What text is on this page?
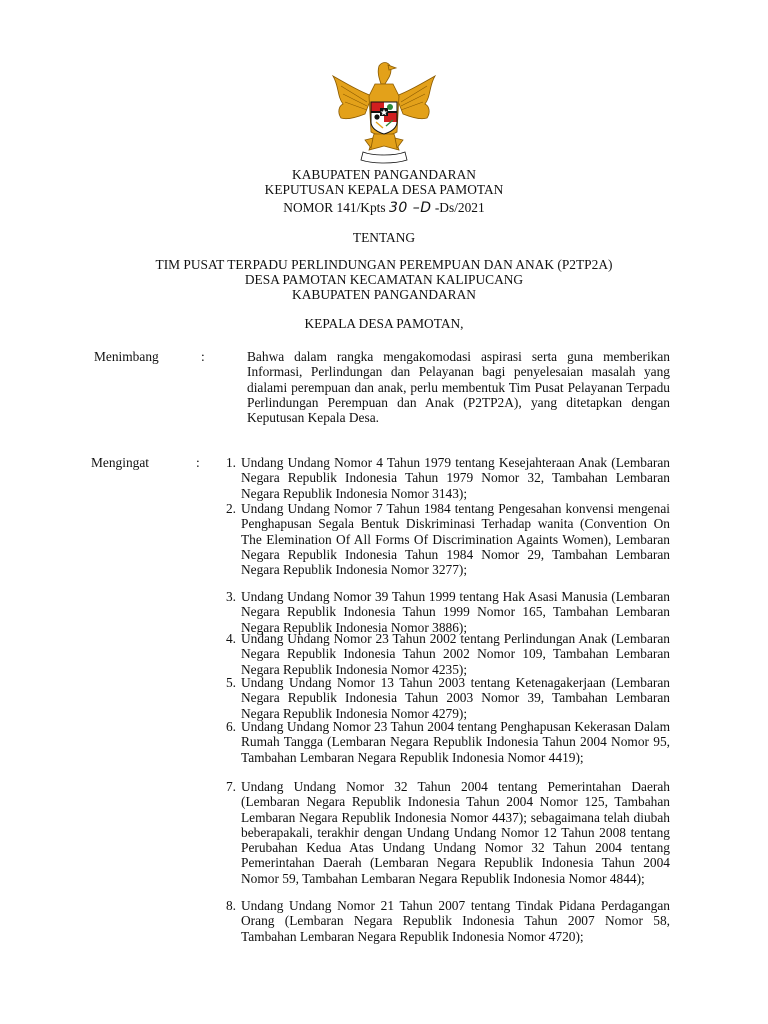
KABUPATEN PANGANDARAN
KEPUTUSAN KEPALA DESA PAMOTAN
NOMOR 141/Kpts 30 –D -Ds/2021
TENTANG
TIM PUSAT TERPADU PERLINDUNGAN PEREMPUAN DAN ANAK (P2TP2A)
DESA PAMOTAN KECAMATAN KALIPUCANG
KABUPATEN PANGANDARAN
KEPALA DESA PAMOTAN,
Menimbang	:	Bahwa dalam rangka mengakomodasi aspirasi serta guna memberikan Informasi, Perlindungan dan Pelayanan bagi penyelesaian masalah yang dialami perempuan dan anak, perlu membentuk Tim Pusat Pelayanan Terpadu Perlindungan Perempuan dan Anak (P2TP2A), yang ditetapkan dengan Keputusan Kepala Desa.
Mengingat	:	1. Undang Undang Nomor 4 Tahun 1979 tentang Kesejahteraan Anak (Lembaran Negara Republik Indonesia Tahun 1979 Nomor 32, Tambahan Lembaran Negara Republik Indonesia Nomor 3143);
2. Undang Undang Nomor 7 Tahun 1984 tentang Pengesahan konvensi mengenai Penghapusan Segala Bentuk Diskriminasi Terhadap wanita (Convention On The Elemination Of All Forms Of Discrimination Againts Women), Lembaran Negara Republik Indonesia Tahun 1984 Nomor 29, Tambahan Lembaran Negara Republik Indonesia Nomor 3277);
3. Undang Undang Nomor 39 Tahun 1999 tentang Hak Asasi Manusia (Lembaran Negara Republik Indonesia Tahun 1999 Nomor 165, Tambahan Lembaran Negara Republik Indonesia Nomor 3886);
4. Undang Undang Nomor 23 Tahun 2002 tentang Perlindungan Anak (Lembaran Negara Republik Indonesia Tahun 2002 Nomor 109, Tambahan Lembaran Negara Republik Indonesia Nomor 4235);
5. Undang Undang Nomor 13 Tahun 2003 tentang Ketenagakerjaan (Lembaran Negara Republik Indonesia Tahun 2003 Nomor 39, Tambahan Lembaran Negara Republik Indonesia Nomor 4279);
6. Undang Undang Nomor 23 Tahun 2004 tentang Penghapusan Kekerasan Dalam Rumah Tangga (Lembaran Negara Republik Indonesia Tahun 2004 Nomor 95, Tambahan Lembaran Negara Republik Indonesia Nomor 4419);
7. Undang Undang Nomor 32 Tahun 2004 tentang Pemerintahan Daerah (Lembaran Negara Republik Indonesia Tahun 2004 Nomor 125, Tambahan Lembaran Negara Republik Indonesia Nomor 4437); sebagaimana telah diubah beberapakali, terakhir dengan Undang Undang Nomor 12 Tahun 2008 tentang Perubahan Kedua Atas Undang Undang Nomor 32 Tahun 2004 tentang Pemerintahan Daerah (Lembaran Negara Republik Indonesia Tahun 2004 Nomor 59, Tambahan Lembaran Negara Republik Indonesia Nomor 4844);
8. Undang Undang Nomor 21 Tahun 2007 tentang Tindak Pidana Perdagangan Orang (Lembaran Negara Republik Indonesia Tahun 2007 Nomor 58, Tambahan Lembaran Negara Republik Indonesia Nomor 4720);
